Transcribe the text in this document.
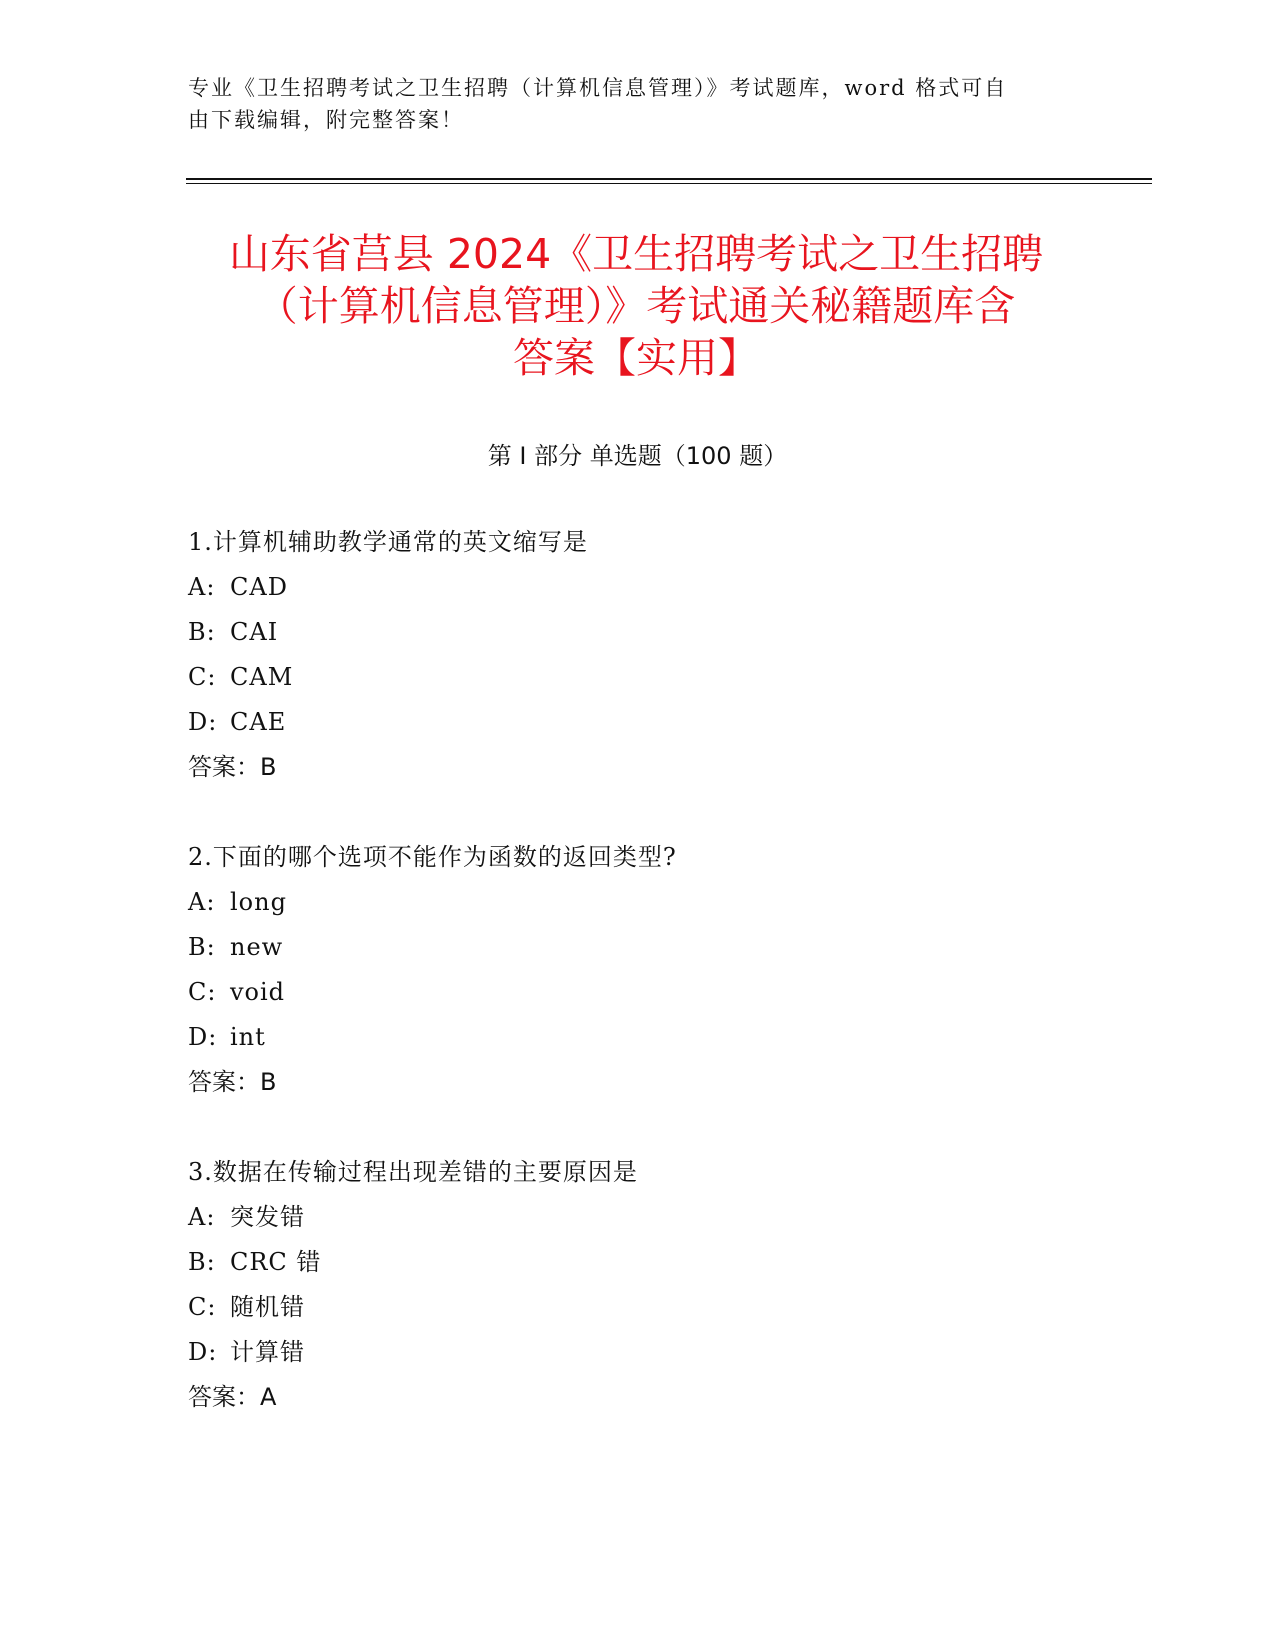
专业《卫生招聘考试之卫生招聘（计算机信息管理）》考试题库，word 格式可自
由下载编辑，附完整答案！
山东省莒县 2024《卫生招聘考试之卫生招聘
（计算机信息管理）》考试通关秘籍题库含
答案【实用】
第 I 部分 单选题（100 题）
1.计算机辅助教学通常的英文缩写是
A: CAD
B: CAI
C: CAM
D: CAE
答案：B
2.下面的哪个选项不能作为函数的返回类型?
A: long
B: new
C: void
D: int
答案：B
3.数据在传输过程出现差错的主要原因是
A: 突发错
B: CRC 错
C: 随机错
D: 计算错
答案：A
